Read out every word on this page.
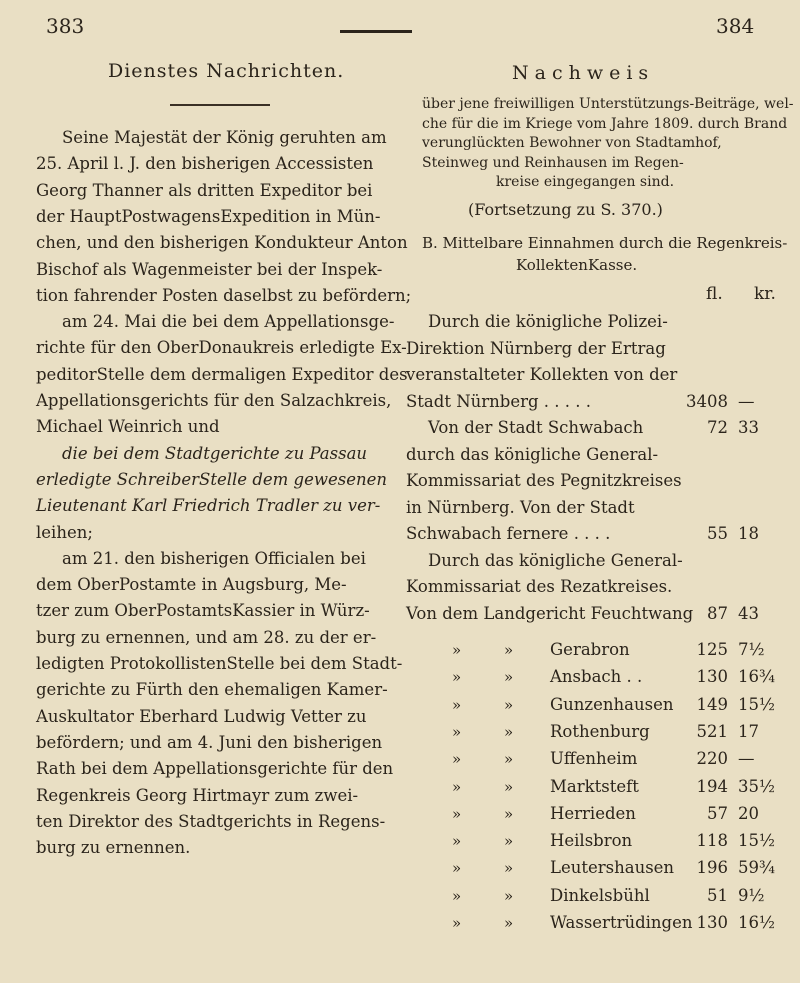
383
Dienstes Nachrichten.
Seine Majestät der König geruhten am
25. April l. J. den bisherigen Accessisten
Georg Thanner als dritten Expeditor bei
der HauptPostwagensExpedition in Mün-
chen, und den bisherigen Kondukteur Anton
Bischof als Wagenmeister bei der Inspek-
tion fahrender Posten daselbst zu befördern;
am 24. Mai die bei dem Appellationsge-
richte für den OberDonaukreis erledigte Ex-
peditorStelle dem dermaligen Expeditor des
Appellationsgerichts für den Salzachkreis,
Michael Weinrich und
die bei dem Stadtgerichte zu Passau
erledigte SchreiberStelle dem gewesenen
Lieutenant Karl Friedrich Tradler zu ver-
leihen;
am 21. den bisherigen Officialen bei
dem OberPostamte in Augsburg, Me-
tzer zum OberPostamtsKassier in Würz-
burg zu ernennen, und am 28. zu der er-
ledigten ProtokollistenStelle bei dem Stadt-
gerichte zu Fürth den ehemaligen Kamer-
Auskultator Eberhard Ludwig Vetter zu
befördern; und am 4. Juni den bisherigen
Rath bei dem Appellationsgerichte für den
Regenkreis Georg Hirtmayr zum zwei-
ten Direktor des Stadtgerichts in Regens-
burg zu ernennen.
384
Nachweis
über jene freiwilligen Unterstützungs-Beiträge, wel-
che für die im Kriege vom Jahre 1809. durch Brand
verunglückten Bewohner von Stadtamhof,
Steinweg und Reinhausen im Regen-
kreise eingegangen sind.
(Fortsetzung zu S. 370.)
B. Mittelbare Einnahmen durch die Regenkreis-
KollektenKasse.
fl. kr.
Durch die königliche Polizei-
Direktion Nürnberg der Ertrag
veranstalteter Kollekten von der
Stadt Nürnberg . . . . .	3408 —
Von der Stadt Schwabach	72 33
durch das königliche General-
Kommissariat des Pegnitzkreises
in Nürnberg. Von der Stadt
Schwabach fernere . . . .	55 18
Durch das königliche General-
Kommissariat des Rezatkreises.
Von dem Landgericht Feuchtwang 87 43
»	» Gerabron	125 7½
»	» Ansbach . .	130 16¾
»	» Gunzenhausen	149 15½
»	» Rothenburg	521 17
»	» Uffenheim	220 —
»	» Marktsteft	194 35½
»	» Herrieden	57 20
»	» Heilsbron	118 15½
»	» Leutershausen	196 59¾
»	» Dinkelsbühl	51 9½
»	» Wassertrüdingen 130 16½
